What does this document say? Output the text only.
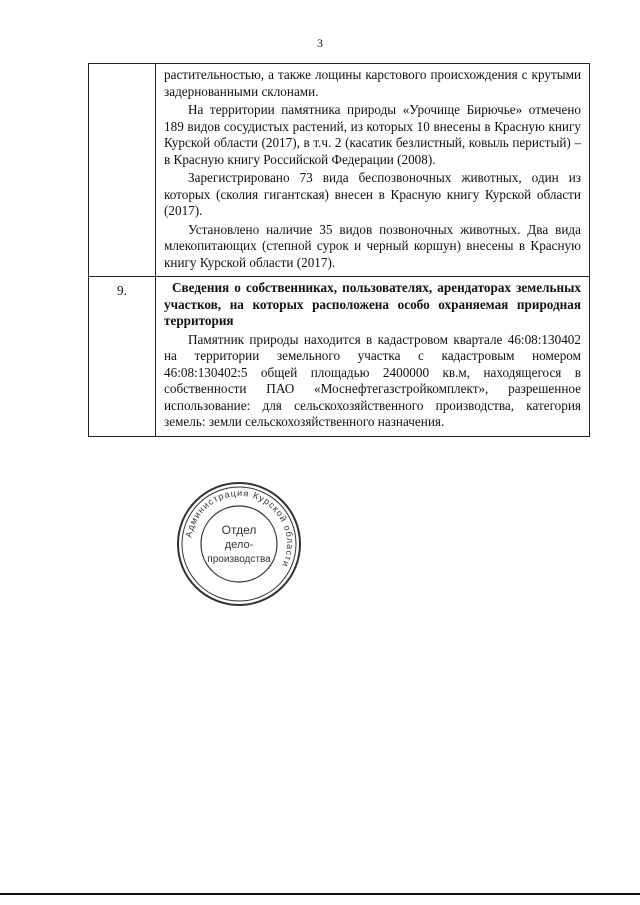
3

	растительностью, а также лощины карстового происхождения с крутыми задернованными склонами.

На территории памятника природы «Урочище Бирючье» отмечено 189 видов сосудистых растений, из которых 10 внесены в Красную книгу Курской области (2017), в т.ч. 2 (касатик безлистный, ковыль перистый) – в Красную книгу Российской Федерации (2008).

Зарегистрировано 73 вида беспозвоночных животных, один из которых (сколия гигантская) внесен в Красную книгу Курской области (2017).

Установлено наличие 35 видов позвоночных животных. Два вида млекопитающих (степной сурок и черный коршун) внесены в Красную книгу Курской области (2017).

9.	Сведения о собственниках, пользователях, арендаторах земельных участков, на которых расположена особо охраняемая природная территория

Памятник природы находится в кадастровом квартале 46:08:130402 на территории земельного участка с кадастровым номером 46:08:130402:5 общей площадью 2400000 кв.м, находящегося в собственности ПАО «Моснефтегазстройкомплект», разрешенное использование: для сельскохозяйственного производства, категория земель: земли сельскохозяйственного назначения.

Администрация Курской области
Отдел
дело-
производства
